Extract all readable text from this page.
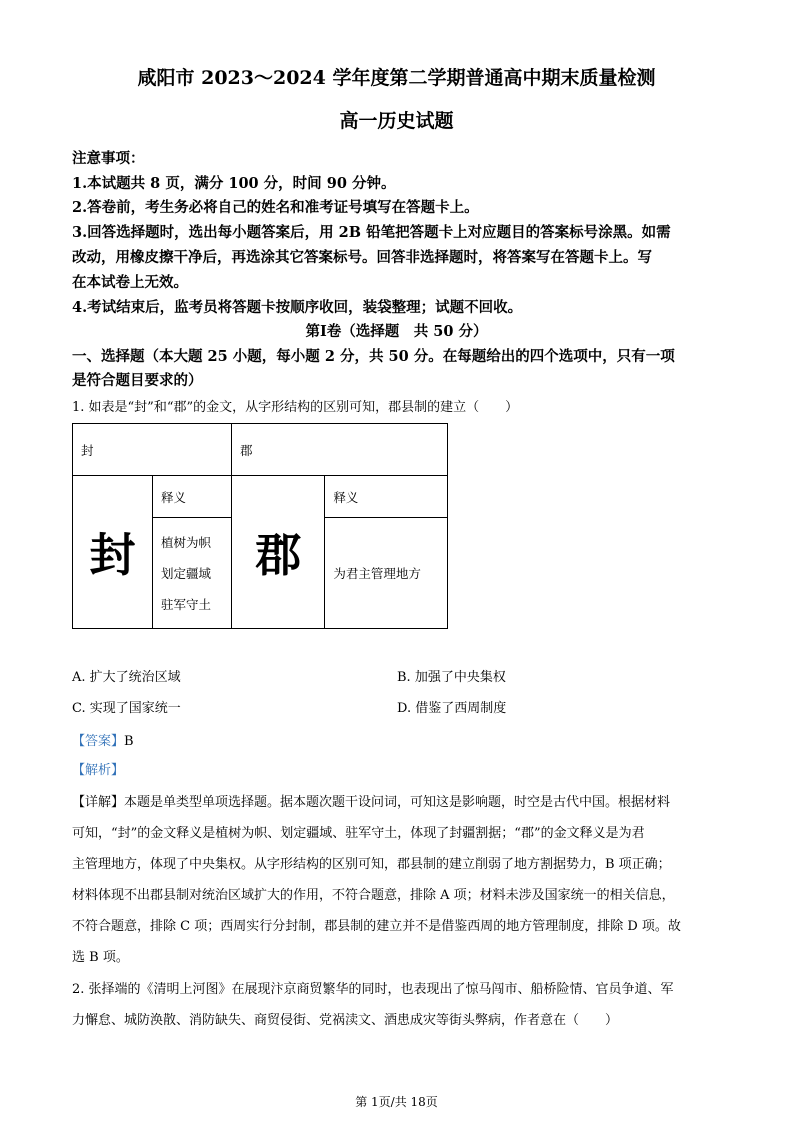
咸阳市 2023～2024 学年度第二学期普通高中期末质量检测
高一历史试题
注意事项：
1.本试题共 8 页，满分 100 分，时间 90 分钟。
2.答卷前，考生务必将自己的姓名和准考证号填写在答题卡上。
3.回答选择题时，选出每小题答案后，用 2B 铅笔把答题卡上对应题目的答案标号涂黑。如需
改动，用橡皮擦干净后，再选涂其它答案标号。回答非选择题时，将答案写在答题卡上。写
在本试卷上无效。
4.考试结束后，监考员将答题卡按顺序收回，装袋整理；试题不回收。
第Ⅰ卷（选择题　共 50 分）
一、选择题（本大题 25 小题，每小题 2 分，共 50 分。在每题给出的四个选项中，只有一项
是符合题目要求的）
1. 如表是“封”和“郡”的金文，从字形结构的区别可知，郡县制的建立（　　）
封		郡	
封	释义	郡	释义

	植树为帜
划定疆域
驻军守土		为君主管理地方
A. 扩大了统治区域	B. 加强了中央集权
C. 实现了国家统一	D. 借鉴了西周制度
【答案】B
【解析】
【详解】本题是单类型单项选择题。据本题次题干设问词，可知这是影响题，时空是古代中国。根据材料
可知，“封”的金文释义是植树为帜、划定疆域、驻军守土，体现了封疆割据；“郡”的金文释义是为君
主管理地方，体现了中央集权。从字形结构的区别可知，郡县制的建立削弱了地方割据势力，B 项正确；
材料体现不出郡县制对统治区域扩大的作用，不符合题意，排除 A 项；材料未涉及国家统一的相关信息，
不符合题意，排除 C 项；西周实行分封制，郡县制的建立并不是借鉴西周的地方管理制度，排除 D 项。故
选 B 项。
2. 张择端的《清明上河图》在展现汴京商贸繁华的同时，也表现出了惊马闯市、船桥险情、官员争道、军
力懈怠、城防涣散、消防缺失、商贸侵街、党祸渎文、酒患成灾等街头弊病，作者意在（　　）
第 1页/共 18页
